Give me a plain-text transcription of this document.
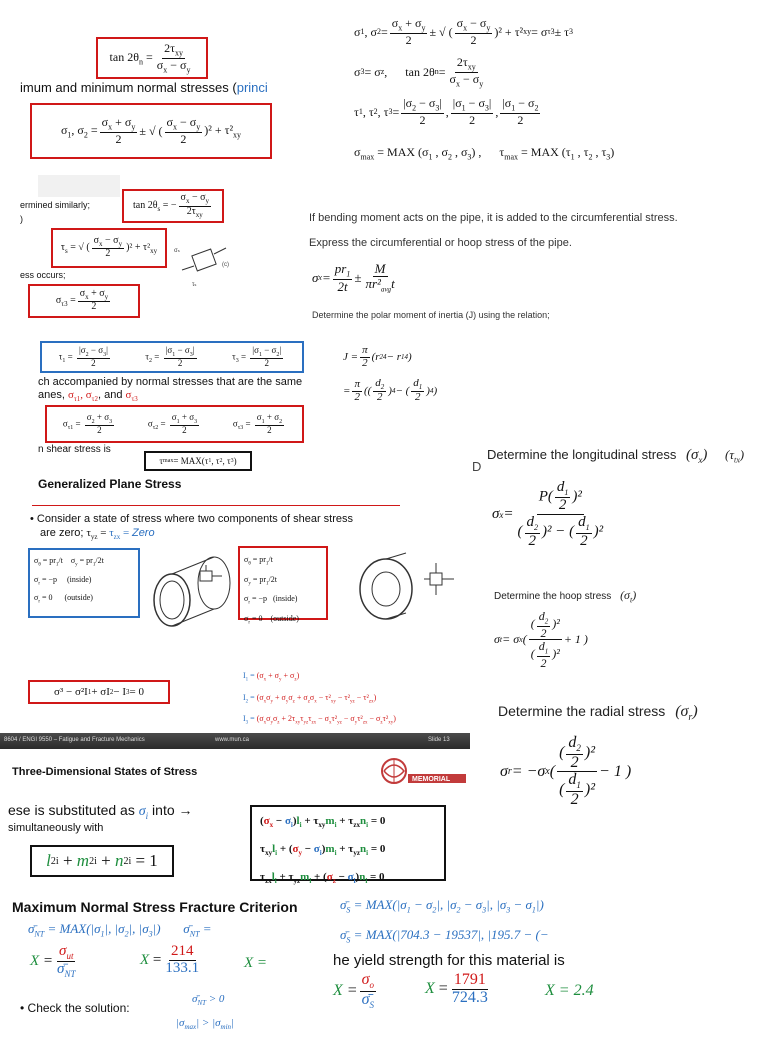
$\tan 2\theta_n = \frac{2\tau_{xy}}{\sigma_x - \sigma_y}$
imum and minimum normal stresses (princi
$\sigma_1$, $\sigma_2 = \frac{\sigma_x + \sigma_y}{2}$ ± √ ( $\frac{\sigma_x - \sigma_y}{2} )^2 + \tau^2_{xy}$
ermined similarly;
)
$\tan 2\theta_s$ = − $\frac{\sigma_x - \sigma_y}{2\tau_{xy}}$
$\tau_s$ = √ ( $\frac{\sigma_x - \sigma_y}{2} )^2 + \tau^2_{xy}$	σs
(c)
τs
ess occurs;
$\sigma_{\tau 3} = \frac{\sigma_x + \sigma_y}{2}$
$\tau_1 = \frac{|\sigma_2 - \sigma_3|}{2}$	$\tau_2 = \frac{|\sigma_1 - \sigma_3|}{2}$	$\tau_3 = \frac{|\sigma_1 - \sigma_2|}{2}$
ch accompanied by normal stresses that are the same
anes, $\sigma_{\tau 1}$, $\sigma_{\tau 2}$, and $\sigma_{\tau 3}$
$\sigma_{\tau 1} = \frac{\sigma_2 + \sigma_3}{2}$	$\sigma_{\tau 2} = \frac{\sigma_1 + \sigma_3}{2}$	$\sigma_{\tau 3} = \frac{\sigma_1 + \sigma_2}{2}$
n shear stress is
τ max = MAX(τ 1 , τ 2 , τ 3 )
Generalized Plane Stress
• Consider a state of stress where two components of shear stress
are zero; $\tau_{yz} = \tau_{zx}$ = Zero
$\sigma_\theta = pr_1/t$    $\sigma_y = pr_1/2t$
$\sigma_r = -p$     (inside)
$\sigma_r = 0$      (outside)
$\sigma_\theta = pr_1/t$
$\sigma_y = pr_1/2t$
$\sigma_r = -p$   (inside)
$\sigma_r = 0$    (outside)
σ³ − σ²I 1 + σI 2 − I 3 = 0
$I_1 = (\sigma_x + \sigma_y + \sigma_z)$
$I_2 = (\sigma_x\sigma_y + \sigma_y\sigma_z + \sigma_z\sigma_x - \tau^2_{xy} - \tau^2_{yz} - \tau^2_{zx})$
$I_3 = (\sigma_x\sigma_y\sigma_z + 2\tau_{xy}\tau_{yz}\tau_{zx} - \sigma_x\tau^2_{yz} - \sigma_y\tau^2_{zx} - \sigma_z\tau^2_{xy})$
8604 / ENGI 9550 – Fatigue and Fracture Mechanics	www.mun.ca	Slide 13
Three-Dimensional States of Stress
MEMORIAL
ese is substituted as $\sigma_i$ into →
simultaneously with
l 2 i + m 2 i + n 2 i = 1
$(\sigma_x - \sigma_i)l_i + \tau_{xy}m_i + \tau_{zx}n_i = 0$
$\tau_{xy}l_i + (\sigma_y - \sigma_i)m_i + \tau_{yz}n_i = 0$
$\tau_{zx}l_i + \tau_{yz}m_i + (\sigma_z - \sigma_i)n_i = 0$
Maximum Normal Stress Fracture Criterion
$\sigmā_{NT} = MAX(|\sigma_1|$, $|\sigma_2|$, $|\sigma_3|$)       $\sigmā_{NT}$ =
$X = \frac{\sigma_{ut}}{\sigmā_{NT}}$	$X = \frac{214}{133.1}$	X =
• Check the solution:
$\sigmā_{NT} > 0$
$|\sigma_{max}| > |\sigma_{min}|$
σ 1 , σ $2 = \frac{\sigma_x + \sigma_y}{2}$ ± √ ( $\frac{\sigma_x - \sigma_y}{2} )^2 + \tau^2$ xy = σ τ3 ± τ 3
σ 3 = σ z ,      tan 2θ $n = \frac{2\tau_{xy}}{\sigma_x - \sigma_y}$
τ 1 , τ 2 , τ $3 = \frac{|\sigma_2 - \sigma_3|}{2}$ , $\frac{|\sigma_1 - \sigma_3|}{2}$ , $\frac{|\sigma_1 - \sigma_2}{2}$
$\sigma_{max}$ = MAX ($\sigma_1$ , $\sigma_2$ , $\sigma_3$) ,      $\tau_{max}$ = MAX ($\tau_1$ , $\tau_2$ , $\tau_3$)
If bending moment acts on the pipe, it is added to the circumferential stress.
Express the circumferential or hoop stress of the pipe.
σ $x = \frac{pr_1}{2t} \pm \frac{M}{\pi r^2_{avg}t}$
Determine the polar moment of inertia (J) using the relation;
$J = \frac{\pi}{2} (r$ 2 4 − r 1 4 )
= $\frac{\pi}{2}$ (( $\frac{d_2}{2}$ ) 4 − ( $\frac{d_1}{2}$ ) 4 )
D
Determine the longitudinal stress $(\sigma_x)$ $(\tau_{tx})$
σ $x = \frac{P( \frac{d_1}{2} )^2}{( \frac{d_2}{2} )^2 - ( \frac{d_1}{2} )^2}$
Determine the hoop stress $(\sigma_t)$
σ t = σ x ( $\frac{( \frac{d_2}{2} )^2}{( \frac{d_1}{2} )^2} + 1$ )
Determine the radial stress $(\sigma_r)$
σ r = −σ x ( $\frac{( \frac{d_2}{2} )^2}{( \frac{d_1}{2} )^2} - 1$ )
$\sigmā_S = MAX(|\sigma_1 - \sigma_2|$, $|\sigma_2 - \sigma_3|$, $|\sigma_3 - \sigma_1|$)
$\sigmā_S = MAX(|704.3 - 19537|$, |195.7 − (−
he yield strength for this material is
$X = \frac{\sigma_o}{\sigmā_S}$	$X = \frac{1791}{724.3}$	X = 2.4
